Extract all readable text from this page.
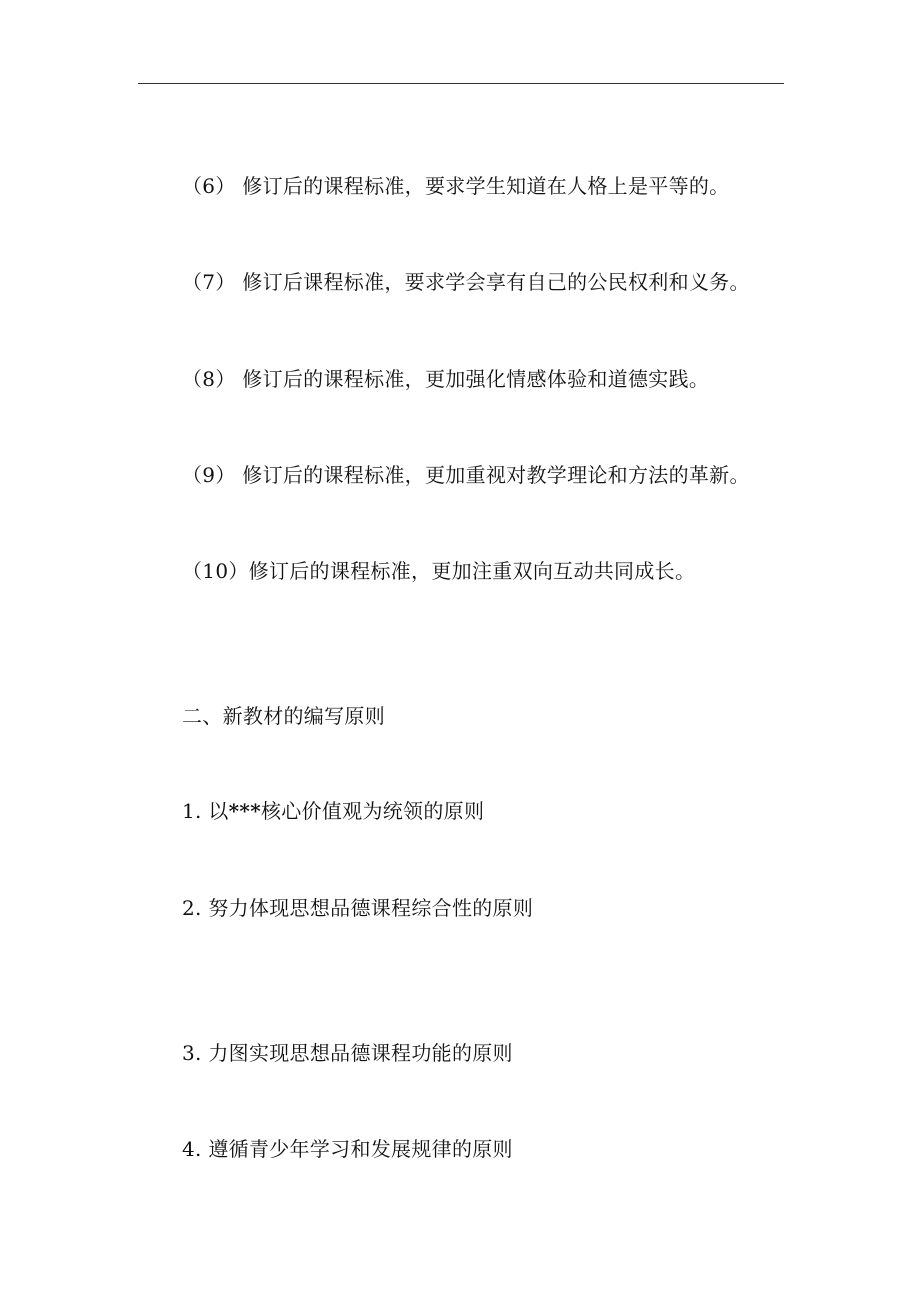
（6） 修订后的课程标准，要求学生知道在人格上是平等的。
（7） 修订后课程标准，要求学会享有自己的公民权利和义务。
（8） 修订后的课程标准，更加强化情感体验和道德实践。
（9） 修订后的课程标准，更加重视对教学理论和方法的革新。
（10）修订后的课程标准，更加注重双向互动共同成长。
二、新教材的编写原则
1. 以***核心价值观为统领的原则
2. 努力体现思想品德课程综合性的原则
3. 力图实现思想品德课程功能的原则
4. 遵循青少年学习和发展规律的原则
